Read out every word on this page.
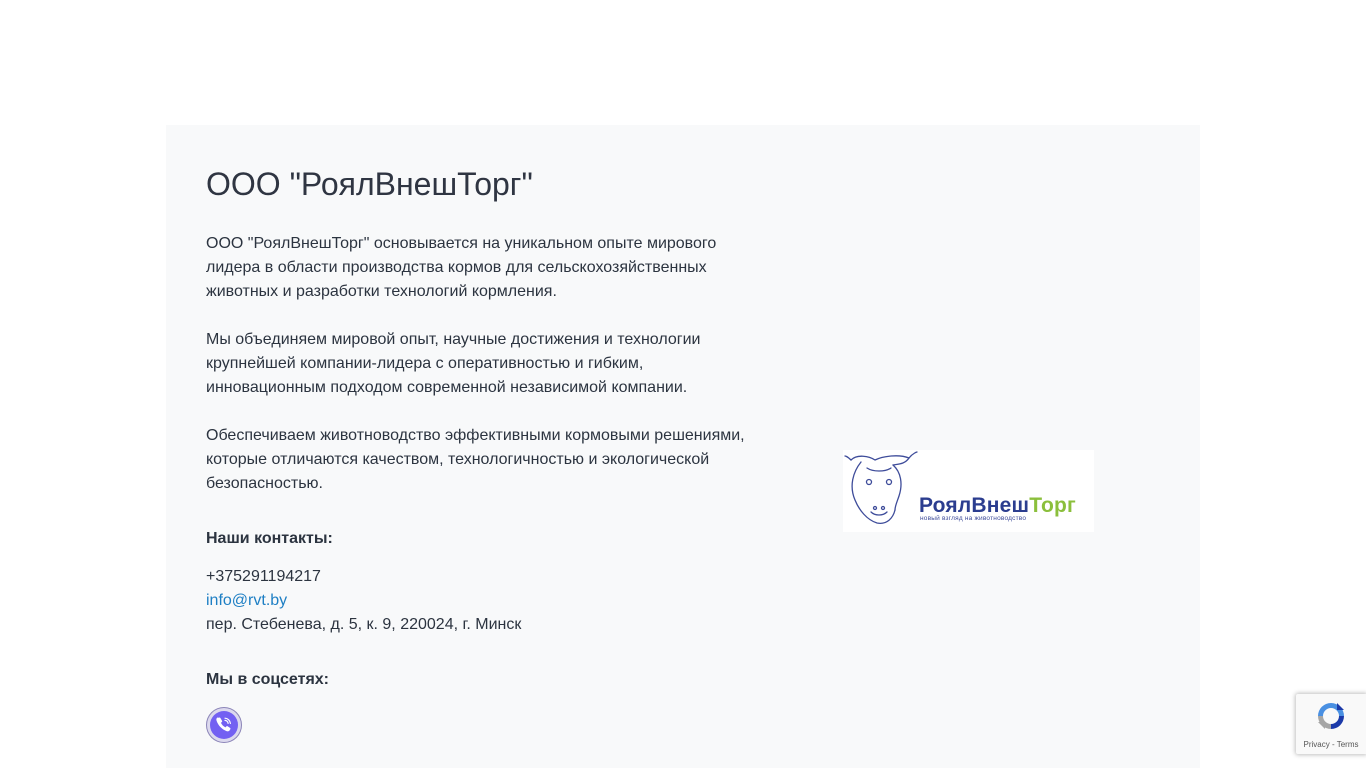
ООО "РоялВнешТорг"

ООО "РоялВнешТорг" основывается на уникальном опыте мирового лидера в области производства кормов для сельскохозяйственных животных и разработки технологий кормления.

Мы объединяем мировой опыт, научные достижения и технологии крупнейшей компании-лидера с оперативностью и гибким, инновационным подходом современной независимой компании.

Обеспечиваем животноводство эффективными кормовыми решениями, которые отличаются качеством, технологичностью и экологической безопасностью.

Наши контакты:
+375291194217
info@rvt.by
пер. Стебенева, д. 5, к. 9, 220024, г. Минск
Мы в соцсетях:
РоялВнешТорг
новый взгляд на животноводство
Privacy - Terms
